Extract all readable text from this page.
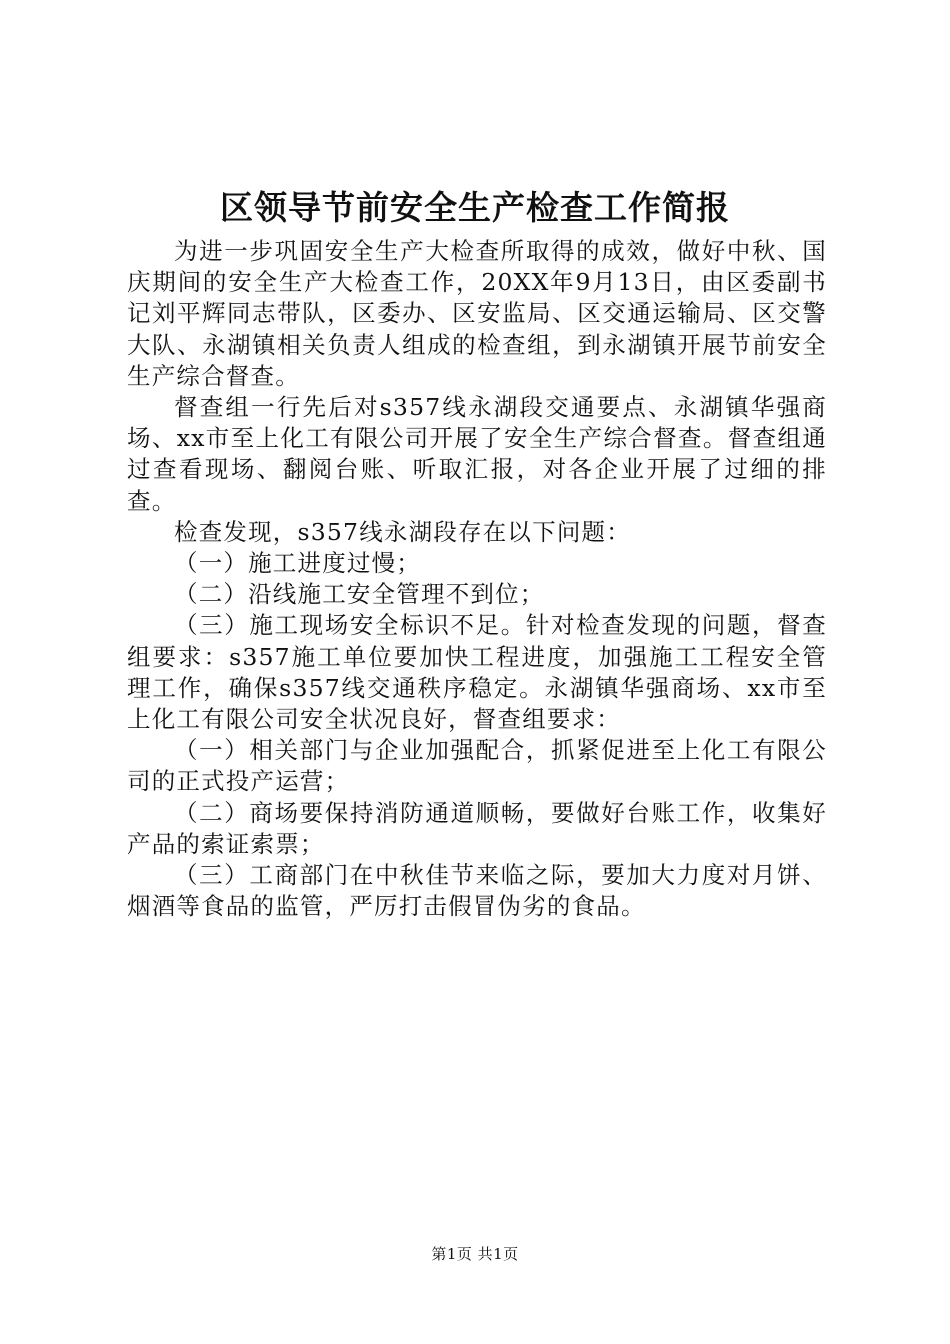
区领导节前安全生产检查工作简报

为进一步巩固安全生产大检查所取得的成效，做好中秋、国庆期间的安全生产大检查工作，20XX年9月13日，由区委副书记刘平辉同志带队，区委办、区安监局、区交通运输局、区交警大队、永湖镇相关负责人组成的检查组，到永湖镇开展节前安全生产综合督查。

督查组一行先后对s357线永湖段交通要点、永湖镇华强商场、xx市至上化工有限公司开展了安全生产综合督查。督查组通过查看现场、翻阅台账、听取汇报，对各企业开展了过细的排查。

检查发现，s357线永湖段存在以下问题：

（一）施工进度过慢；

（二）沿线施工安全管理不到位；

（三）施工现场安全标识不足。针对检查发现的问题，督查组要求：s357施工单位要加快工程进度，加强施工工程安全管理工作，确保s357线交通秩序稳定。永湖镇华强商场、xx市至上化工有限公司安全状况良好，督查组要求：

（一）相关部门与企业加强配合，抓紧促进至上化工有限公司的正式投产运营；

（二）商场要保持消防通道顺畅，要做好台账工作，收集好产品的索证索票；

（三）工商部门在中秋佳节来临之际，要加大力度对月饼、烟酒等食品的监管，严厉打击假冒伪劣的食品。

第1页 共1页
